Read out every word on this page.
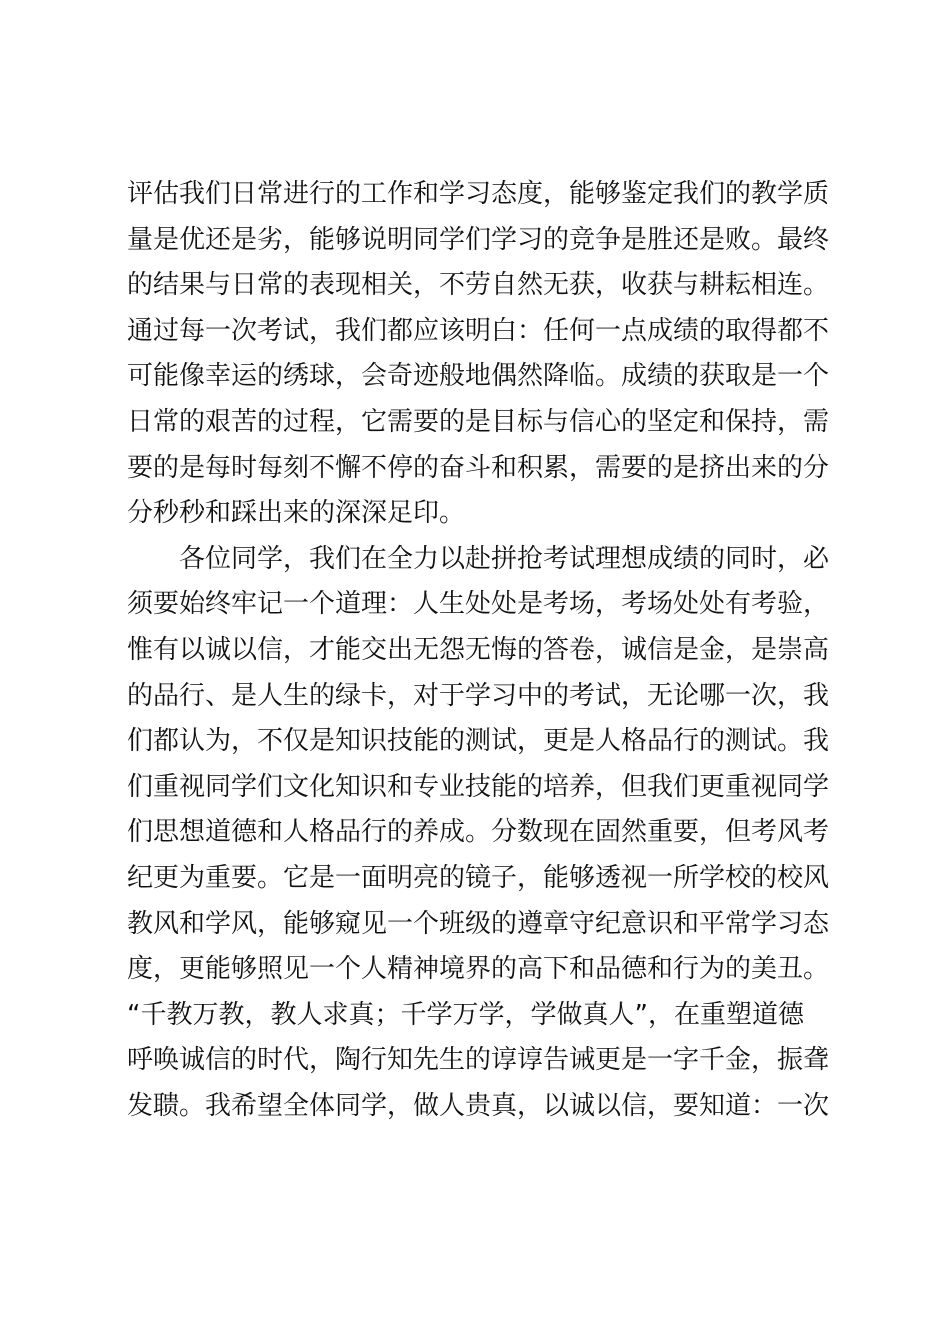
评估我们日常进行的工作和学习态度，能够鉴定我们的教学质
量是优还是劣，能够说明同学们学习的竞争是胜还是败。最终
的结果与日常的表现相关，不劳自然无获，收获与耕耘相连。
通过每一次考试，我们都应该明白：任何一点成绩的取得都不
可能像幸运的绣球，会奇迹般地偶然降临。成绩的获取是一个
日常的艰苦的过程，它需要的是目标与信心的坚定和保持，需
要的是每时每刻不懈不停的奋斗和积累，需要的是挤出来的分
分秒秒和踩出来的深深足印。
各位同学，我们在全力以赴拼抢考试理想成绩的同时，必
须要始终牢记一个道理：人生处处是考场，考场处处有考验，
惟有以诚以信，才能交出无怨无悔的答卷，诚信是金，是崇高
的品行、是人生的绿卡，对于学习中的考试，无论哪一次，我
们都认为，不仅是知识技能的测试，更是人格品行的测试。我
们重视同学们文化知识和专业技能的培养，但我们更重视同学
们思想道德和人格品行的养成。分数现在固然重要，但考风考
纪更为重要。它是一面明亮的镜子，能够透视一所学校的校风
教风和学风，能够窥见一个班级的遵章守纪意识和平常学习态
度，更能够照见一个人精神境界的高下和品德和行为的美丑。
“千教万教，教人求真；千学万学，学做真人”，在重塑道德
呼唤诚信的时代，陶行知先生的谆谆告诫更是一字千金，振聋
发聩。我希望全体同学，做人贵真，以诚以信，要知道：一次
